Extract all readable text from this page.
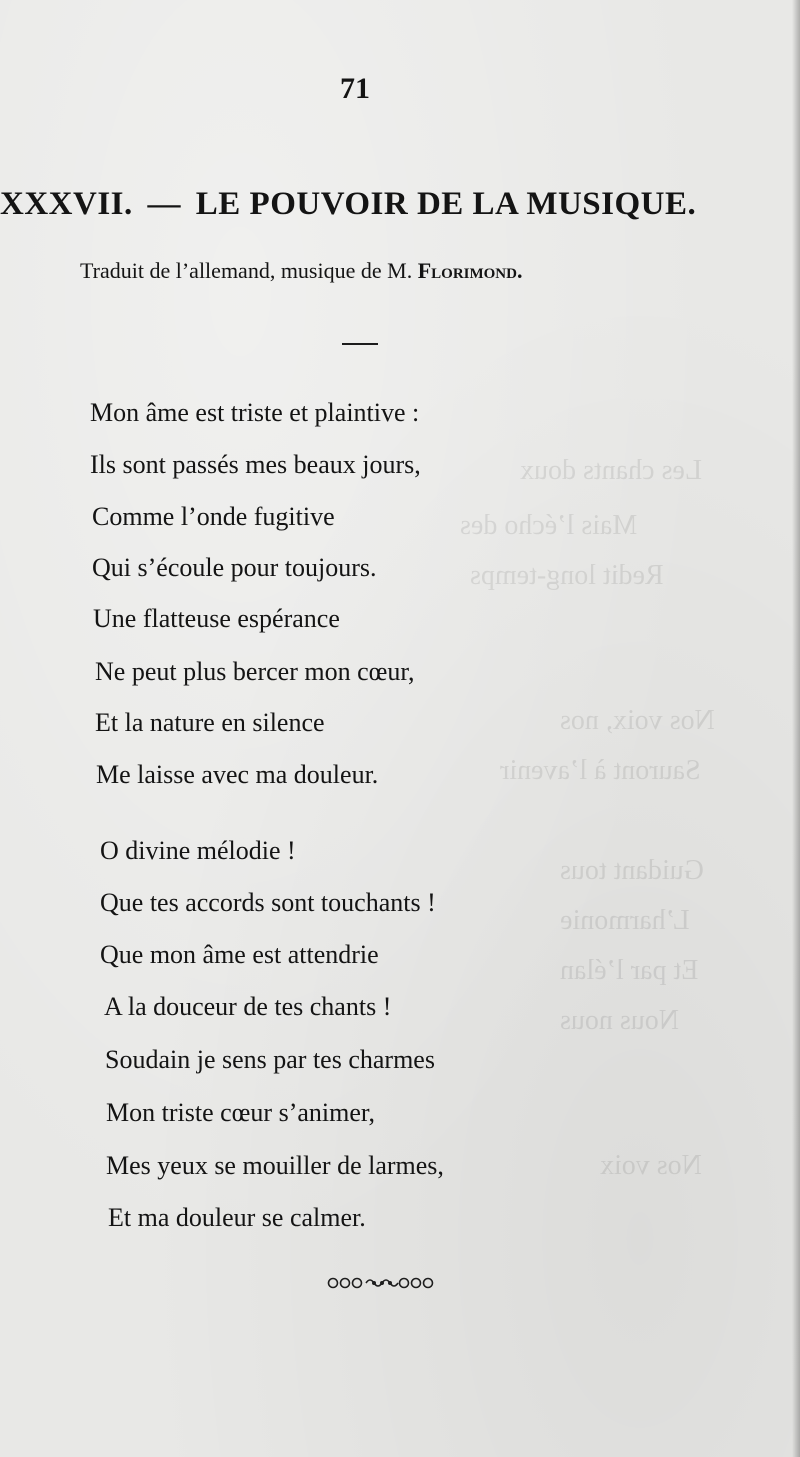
Les chants doux
Mais l’écho des
Redit long-temps
Nos voix, nos
Sauront à l’avenir
Guidant tous
L’harmonie
Et par l’élan
Nous nous
Nos voix
71
XXXVII. — LE POUVOIR DE LA MUSIQUE.
Traduit de l’allemand, musique de M. Florimond.
Mon âme est triste et plaintive :
Ils sont passés mes beaux jours,
Comme l’onde fugitive
Qui s’écoule pour toujours.
Une flatteuse espérance
Ne peut plus bercer mon cœur,
Et la nature en silence
Me laisse avec ma douleur.
O divine mélodie !
Que tes accords sont touchants !
Que mon âme est attendrie
A la douceur de tes chants !
Soudain je sens par tes charmes
Mon triste cœur s’animer,
Mes yeux se mouiller de larmes,
Et ma douleur se calmer.
